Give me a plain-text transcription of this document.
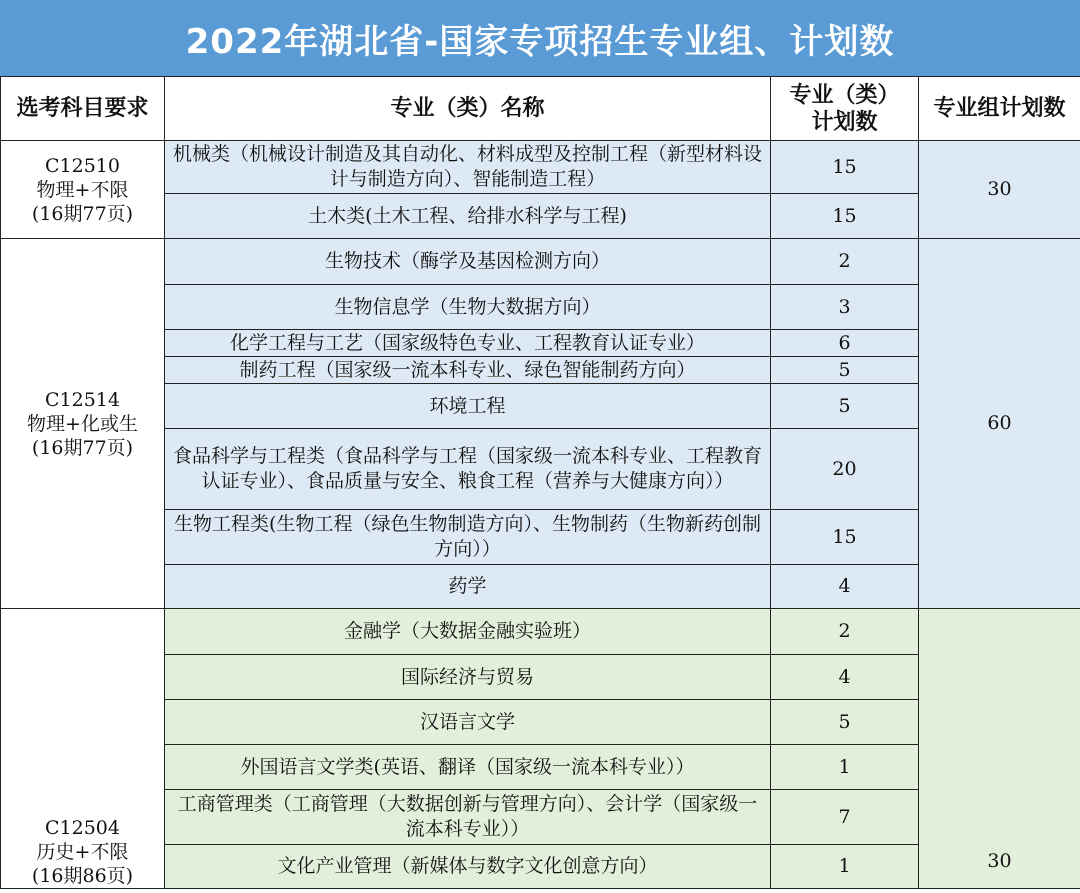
2022年湖北省-国家专项招生专业组、计划数
选考科目要求	专业（类）名称	专业（类）计划数	专业组计划数

C12510
物理+不限
(16期77页)	机械类（机械设计制造及其自动化、材料成型及控制工程（新型材料设计与制造方向）、智能制造工程）	15	30
	土木类(土木工程、给排水科学与工程)	15	

C12514
物理+化或生
(16期77页)	生物技术（酶学及基因检测方向）	2	60
	生物信息学（生物大数据方向）	3	
	化学工程与工艺（国家级特色专业、工程教育认证专业）	6	
	制药工程（国家级一流本科专业、绿色智能制药方向）	5	
	环境工程	5	
	食品科学与工程类（食品科学与工程（国家级一流本科专业、工程教育认证专业）、食品质量与安全、粮食工程（营养与大健康方向））	20	
	生物工程类(生物工程（绿色生物制造方向）、生物制药（生物新药创制方向））	15	
	药学	4	

C12504
历史+不限
(16期86页)	金融学（大数据金融实验班）	2	30
	国际经济与贸易	4	
	汉语言文学	5	
	外国语言文学类(英语、翻译（国家级一流本科专业））	1	
	工商管理类（工商管理（大数据创新与管理方向）、会计学（国家级一流本科专业））	7	
	文化产业管理（新媒体与数字文化创意方向）	1	
